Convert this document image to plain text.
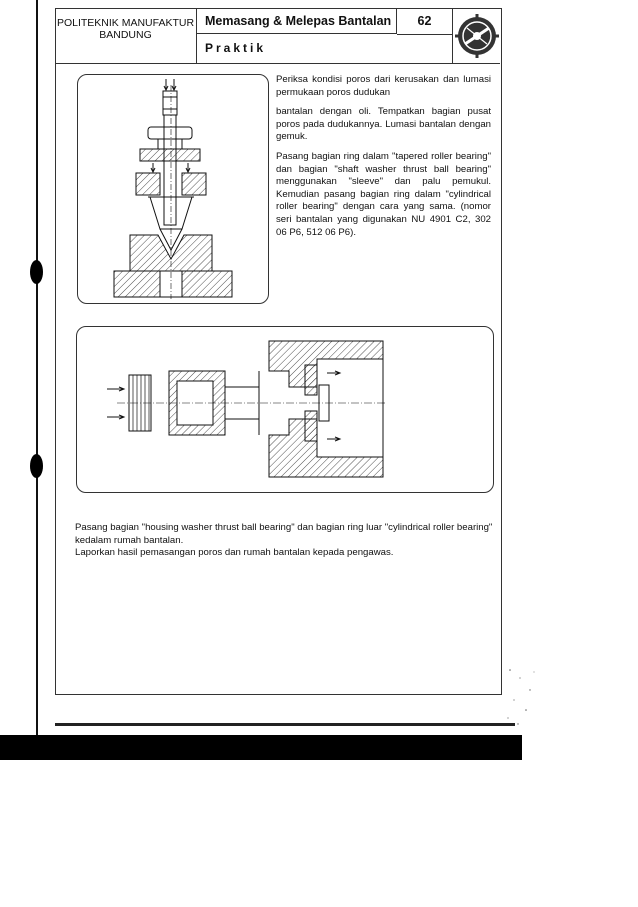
POLITEKNIK MANUFAKTUR
BANDUNG
Memasang & Melepas Bantalan	62
Praktik

Periksa kondisi poros dari kerusakan dan lumasi permukaan poros dudukan

bantalan dengan oli. Tempatkan bagian pusat poros pada dudukannya. Lumasi bantalan dengan gemuk.

Pasang bagian ring dalam "tapered roller bearing" dan bagian "shaft washer thrust ball bearing" menggunakan "sleeve" dan palu pemukul. Kemudian pasang bagian ring dalam "cylindrical roller bearing" dengan cara yang sama. (nomor seri bantalan yang digunakan NU 4901 C2, 302 06 P6, 512 06 P6).

Pasang bagian "housing washer thrust ball bearing" dan bagian ring luar "cylindrical roller bearing" kedalam rumah bantalan.

Laporkan hasil pemasangan poros dan rumah bantalan kepada pengawas.
